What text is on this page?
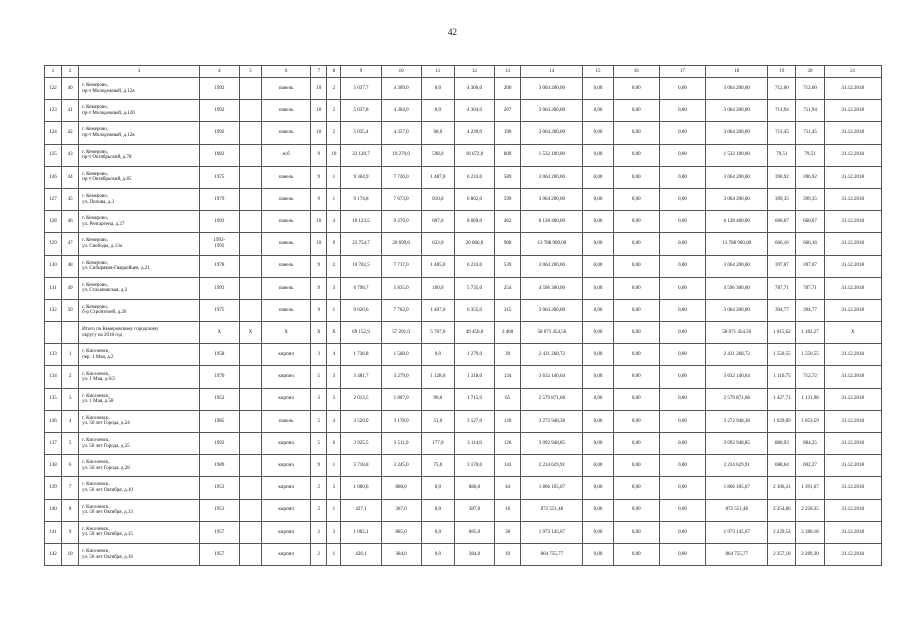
42
1	2	3	4	5	6	7	8	9	10	11	12	13	14	15	16	17	18	19	20	21
122	40	г. Кемерово,
пр-т Молодежный, д.12а	1992		панель	10	2	5 037,7	4 309,0	0,0	4 360,0	200	3 064 200,00	0,00	0,00	0,00	3 064 200,00	712,60	712,60	31.12.2018
123	41	г. Кемерово,
пр-т Молодежный, д.12б	1992		панель	10	2	5 037,8	4 304,0	0,0	4 304,0	207	3 064 200,00	0,00	0,00	0,00	3 064 200,00	711,94	711,94	31.12.2018
124	42	г. Кемерово,
пр-т Молодежный, д.12в	1992		панель	10	2	5 035,4	4 357,0	68,0	4 239,0	190	3 064 200,00	0,00	0,00	0,00	3 064 200,00	711,45	711,45	31.12.2018
125	43	г. Кемерово,
пр-т Октябрьский, д.78	1982		ж/б	9	10	23 120,7	19 270,0	598,0	18 672,0	809	1 532 100,00	0,00	0,00	0,00	1 532 100,00	79,51	79,51	31.12.2018
126	44	г. Кемерово,
пр-т Октябрьский, д.85	1975		панель	9	1	9 364,9	7 720,0	1 487,0	6 233,0	589	3 064 200,00	0,00	0,00	0,00	3 064 200,00	396,92	396,92	31.12.2018
127	45	г. Кемерово,
ул. Попова, д.3	1979		панель	9	1	9 174,8	7 673,0	810,0	6 862,0	599	3 064 200,00	0,00	0,00	0,00	3 064 200,00	399,35	399,35	31.12.2018
128	46	г. Кемерово,
ул. Ренгартена, д.27	1993		панель	10	4	10 123,5	9 276,0	607,0	8 669,0	462	6 128 400,00	0,00	0,00	0,00	6 128 400,00	660,67	660,67	31.12.2018
129	47	г. Кемерово,
ул. Свободы, д.13а	1992-
1993		панель	10	9	23 754,7	20 699,0	633,0	20 066,0	900	13 788 900,00	0,00	0,00	0,00	13 788 900,00	666,16	666,16	31.12.2018
130	48	г. Кемерово,
ул. Сибиряков-Гвардейцев, д.21	1978		панель	9	2	10 702,5	7 717,0	1 485,0	6 233,0	539	3 064 200,00	0,00	0,00	0,00	3 064 200,00	397,07	397,07	31.12.2018
131	49	г. Кемерово,
ул. Стахановская, д.2	1993		панель	9	3	6 798,7	5 835,0	100,0	5 735,0	254	4 596 300,00	0,00	0,00	0,00	4 596 300,00	787,71	787,71	31.12.2018
132	50	г. Кемерово,
б-р Строителей, д.26	1975		панель	9	1	9 020,6	7 762,0	1 407,0	6 355,0	315	3 064 200,00	0,00	0,00	0,00	3 064 200,00	394,77	394,77	31.12.2018

		Итого по Кемеровскому городскому
округу на 2018 год	X	X	X	X	X	69 152,9	57 201,0	5 767,0	49 450,0	2 460	58 071 454,56	0,00	0,00	0,00	58 071 454,56	1 015,62	1 182,27	X
133	1	г. Киселевск,
пер. 1 Мая, д.2	1958		кирпич	3	4	1 736,8	1 568,0	0,0	1 279,0	39	2 431 268,72	0,00	0,00	0,00	2 431 268,72	1 550,55	1 550,55	31.12.2018
134	2	г. Киселевск,
ул. 1 Мая, д.6/2	1970		кирпич	5	3	3 481,7	3 279,0	1 128,0	1 318,0	134	3 632 140,64	0,00	0,00	0,00	3 632 140,64	1 110,75	712,72	31.12.2018
135	3	г. Киселевск,
ул. 1 Мая, д.58	1952		кирпич	3	3	2 013,5	1 807,0	90,0	1 715,0	65	2 579 871,68	0,00	0,00	0,00	2 579 871,68	1 427,71	1 131,98	31.12.2018
136	4	г. Киселевск,
ул. 50 лет Города, д.24	1985		панель	5	4	3 520,0	3 178,0	51,0	3 127,0	120	3 272 948,38	0,00	0,00	0,00	3 272 948,38	1 029,89	1 053,59	31.12.2018
137	5	г. Киселевск,
ул. 50 лет Города, д.25	1992		кирпич	5	6	3 925,5	3 511,0	177,0	3 114,0	126	3 092 948,85	0,00	0,00	0,00	3 092 948,85	880,93	884,25	31.12.2018
138	6	г. Киселевск,
ул. 50 лет Города, д.28	1989		кирпич	9	1	3 718,8	3 245,0	75,0	3 170,0	143	2 234 629,91	0,00	0,00	0,00	2 234 629,91	688,64	692,27	31.12.2018
139	7	г. Киселевск,
ул. 50 лет Октября, д.10	1953		кирпич	2	3	1 000,6	886,0	0,0	886,0	44	1 866 105,67	0,00	0,00	0,00	1 866 105,67	2 106,21	1 391,67	31.12.2018
140	8	г. Киселевск,
ул. 50 лет Октября, д.13	1953		кирпич	2	1	427,1	387,0	0,0	387,0	16	872 551,48	0,00	0,00	0,00	872 551,48	2 254,66	2 250,35	31.12.2018
141	9	г. Киселевск,
ул. 50 лет Октября, д.15	1957		кирпич	2	3	1 002,1	885,0	0,0	885,0	38	1 973 145,67	0,00	0,00	0,00	1 973 145,67	2 229,54	2 180,18	31.12.2018
142	10	г. Киселевск,
ул. 50 лет Октября, д.16	1957		кирпич	2	1	426,1	384,0	0,0	384,0	19	864 755,77	0,00	0,00	0,00	864 755,77	2 257,18	2 289,30	31.12.2018
